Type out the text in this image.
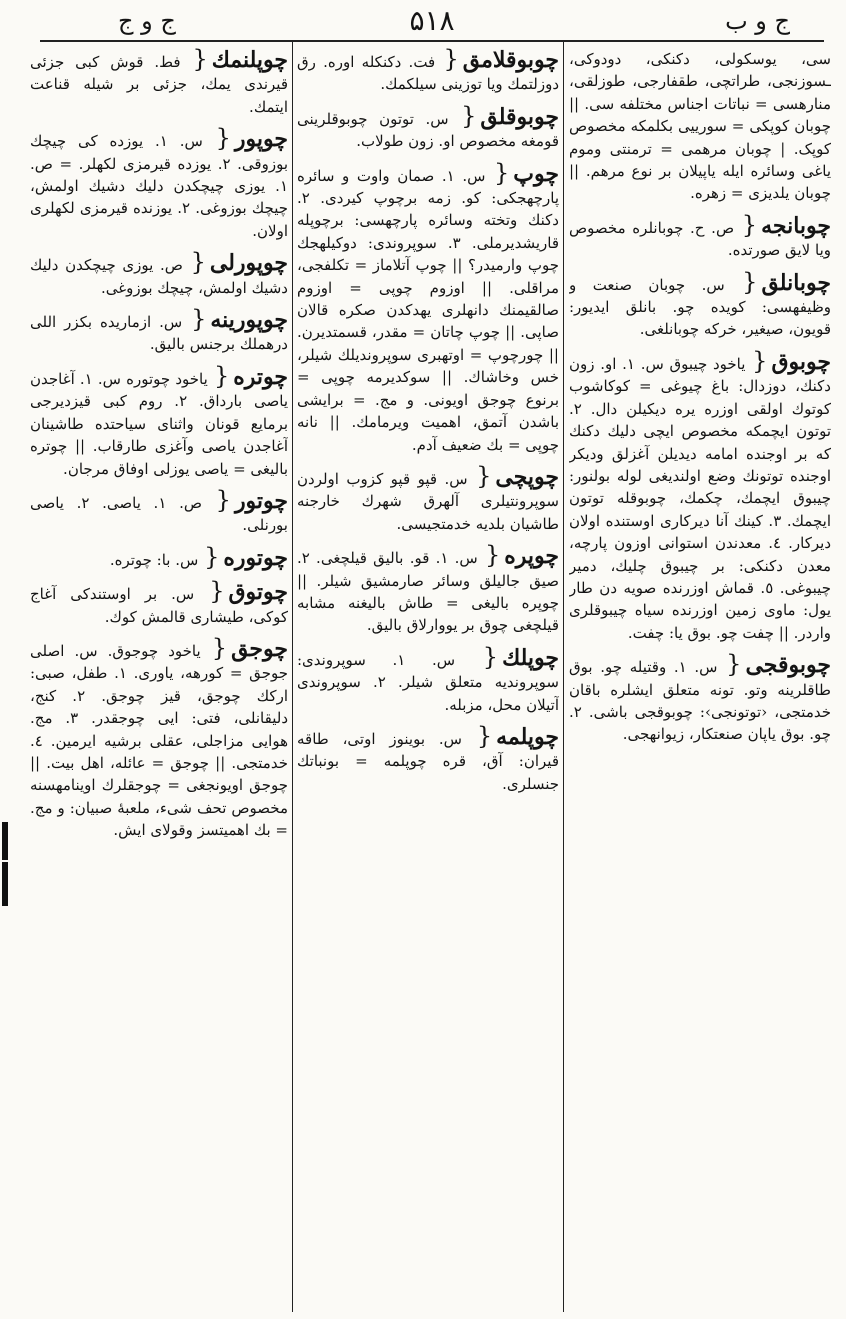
ج و ج	۵۱۸	ج و ب
سی، یوسکولی، دکنکی، دودوکی، ـسوزنجی، طراتچی، طقفارجی، طوزلقی، منارهسی = نباتات اجناس مختلفه سی. || چوبان کوپکی = سورییی بکلمکه مخصوص کوپک. | چوبان مرهمی = ترمنتی وموم یاغی وسائره ایله یاپیلان بر نوع مرهم. || چوبان یلدیزی = زهره.
چوبانجه{ ص. ح. چوبانلره مخصوص ویا لایق صورتده.
چوبانلق{ س. چوبان صنعت و وظیفهسی: کویده چو. بانلق ایدیور: قویون، صیغیر، خرکه چوبانلغی.
چوبوق{ یاخود چیبوق س. ۱. او. زون دکنك، دوزدال: باغ چیوغی = کوکاشوب کوتوك اولقی اوزره یره دیکیلن دال. ۲. توتون ایچمکه مخصوص ایچی دلیك دکنك که بر اوجنده امامه دیدیلن آغزلق ودیکر اوجنده توتونك وضع اولندیغی لوله بولنور: چیبوق ایچمك، چکمك، چوبوقله توتون ایچمك. ۳. کینك آنا دیرکاری اوستنده اولان دیرکار. ٤. معدندن استوانی اوزون پارچه، معدن دکنکی: بر چیبوق چلیك، دمیر چیبوغی. ٥. قماش اوزرنده صویه دن طار یول: ماوی زمین اوزرنده سیاه چیبوقلری واردر. || چفت چو. بوق یا: چفت.
چوبوقجی{ س. ۱. وقتیله چو. بوق طاقلرینه وتو. تونه متعلق ایشلره باقان خدمتجی، ‹توتونجی›: چوبوقجی باشی. ۲. چو. بوق یاپان صنعتکار، زیوانهجی.
چوبوقلامق{ فت. دکنکله اوره. رق دوزلتمك ویا توزینی سیلکمك.
چوبوقلق{ س. توتون چوبوقلرینی قومغه مخصوص او. زون طولاب.
چوپ{ س. ۱. صمان واوت و سائره پارچهجکی: کو. زمه برچوپ کیردی. ۲. دکنك وتخته وسائره پارچهسی: برچوپله قاریشدیرملی. ۳. سوپروندی: دوکیلهجك چوپ وارمیدر؟ || چوپ آتلاماز = تکلفجی، مراقلی. || اوزوم چوپی = اوزوم صالقیمنك دانهلری یهدکدن صکره قالان صاپی. || چوپ چاتان = مقدر، قسمتدیرن. || چورچوپ = اوتهبری سوپروندیلك شیلر، خس وخاشاك. || سوکدیرمه چوپی = برنوع چوجق اویونی. و مج. = برایشی باشدن آتمق، اهمیت ویرمامك. || نانه چوپی = بك ضعیف آدم.
چوپچی{ س. قپو قپو کزوب اولردن سوپرونتیلری آلهرق شهرك خارجنه طاشیان بلدیه خدمتجیسی.
چوپره{ س. ۱. قو. بالیق قیلچغی. ۲. صیق جالیلق وسائر صارمشیق شیلر. || چوپره بالیغی = طاش بالیغنه مشابه قیلچغی چوق بر یووارلاق بالیق.
چوپلك{ س. ۱. سوپروندی: سوپروندیه متعلق شیلر. ۲. سوپروندی آتیلان محل، مزبله.
چوپلمه{ س. بوینوز اوتی، طاقه قیران: آق، قره چوپلمه = بونباتك جنسلری.
چوپلنمك{ فط. قوش کبی جزئی قیرندی یمك، جزئی بر شیله قناعت ایتمك.
چوپور{ س. ۱. یوزده کی چیچك بوزوقی. ۲. یوزده قیرمزی لکهلر. = ص. ۱. یوزی چیچکدن دلیك دشیك اولمش، چیچك بوزوغی. ۲. یوزنده قیرمزی لکهلری اولان.
چوپورلی{ ص. یوزی چیچکدن دلیك دشیك اولمش، چیچك بوزوغی.
چوپورینه{ س. ازماریده بکزر اللی درهملك برجنس بالیق.
چوتره{ یاخود چوتوره س. ۱. آغاجدن یاصی بارداق. ۲. روم کبی قیزدیرجی برمایع قونان واثنای سیاحتده طاشینان آغاجدن یاصی وآغزی طارقاب. || چوتره بالیغی = یاصی یوزلی اوفاق مرجان.
چوتور{ ص. ۱. یاصی. ۲. یاصی بورنلی.
چوتوره{ س. با: چوتره.
چوتوق{ س. بر اوستندکی آغاج کوکی، طیشاری قالمش کوك.
چوجق{ یاخود چوجوق. س. اصلی جوجق = کورهه، یاوری. ۱. طفل، صبی: ارکك چوجق، قیز چوجق. ۲. کنج، دلیقانلی، فتی: ایی چوجقدر. ۳. مج. هوایی مزاجلی، عقلی برشیه ایرمین. ٤. خدمتجی. || چوجق = عائله، اهل بیت. || چوجق اویونجغی = چوجقلرك اوینامهسنه مخصوص تحف شیء، ملعبهٔ صبیان: و مج. = بك اهمیتسز وقولای ایش.
